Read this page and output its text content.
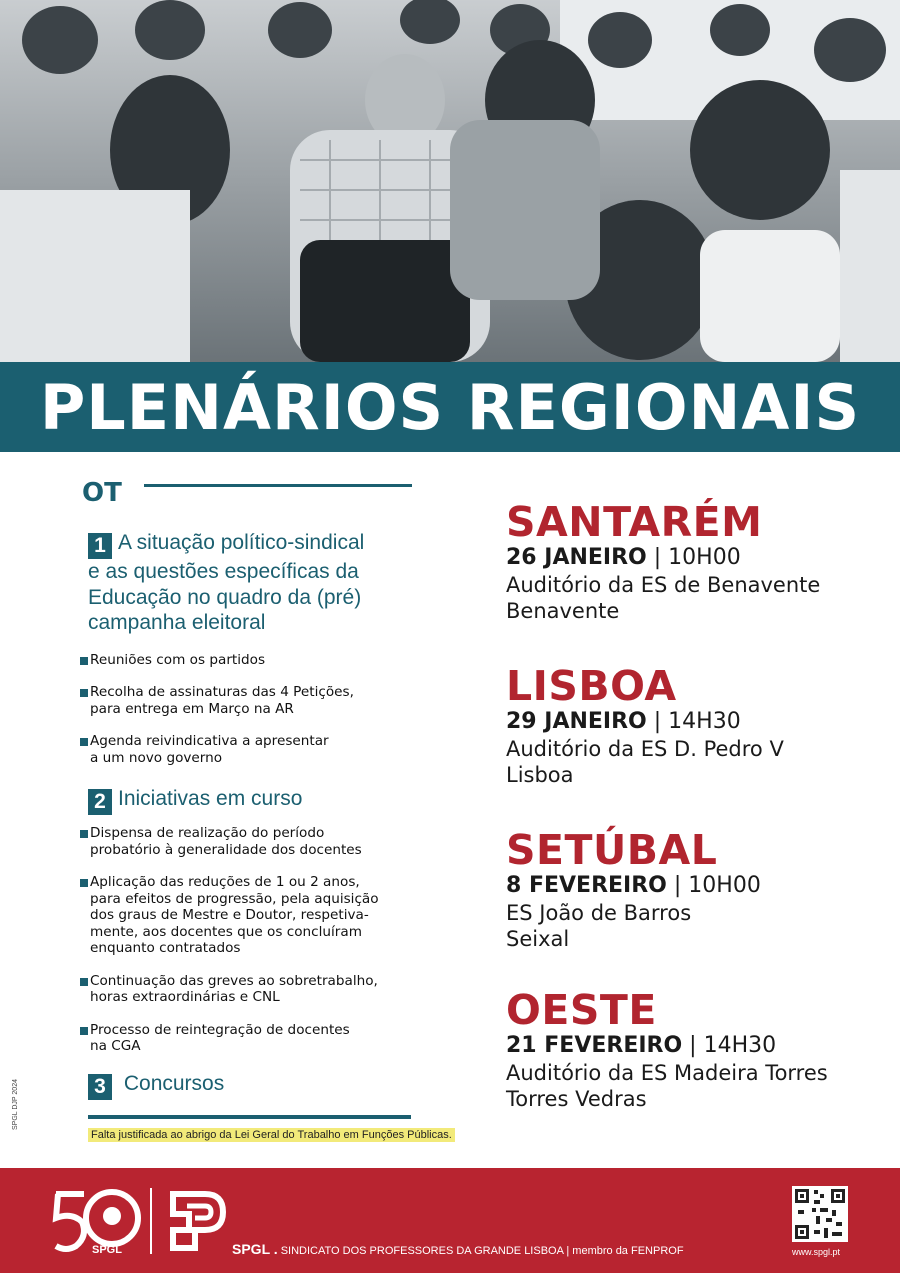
PLENÁRIOS REGIONAIS
OT
1 A situação político-sindical
e as questões específicas da
Educação no quadro da (pré)
campanha eleitoral
Reuniões com os partidos
Recolha de assinaturas das 4 Petições,
para entrega em Março na AR
Agenda reivindicativa a apresentar
a um novo governo
2 Iniciativas em curso
Dispensa de realização do período
probatório à generalidade dos docentes
Aplicação das reduções de 1 ou 2 anos,
para efeitos de progressão, pela aquisição
dos graus de Mestre e Doutor, respetiva-
mente, aos docentes que os concluíram
enquanto contratados
Continuação das greves ao sobretrabalho,
horas extraordinárias e CNL
Processo de reintegração de docentes
na CGA
3 Concursos
Falta justificada ao abrigo da Lei Geral do Trabalho em Funções Públicas.
SPGL DJP 2024
SANTARÉM
26 JANEIRO | 10H00
Auditório da ES de Benavente
Benavente
LISBOA
29 JANEIRO | 14H30
Auditório da ES D. Pedro V
Lisboa
SETÚBAL
8 FEVEREIRO | 10H00
ES João de Barros
Seixal
OESTE
21 FEVEREIRO | 14H30
Auditório da ES Madeira Torres
Torres Vedras
SPGL	SPGL . SINDICATO DOS PROFESSORES DA GRANDE LISBOA | membro da FENPROF	www.spgl.pt
